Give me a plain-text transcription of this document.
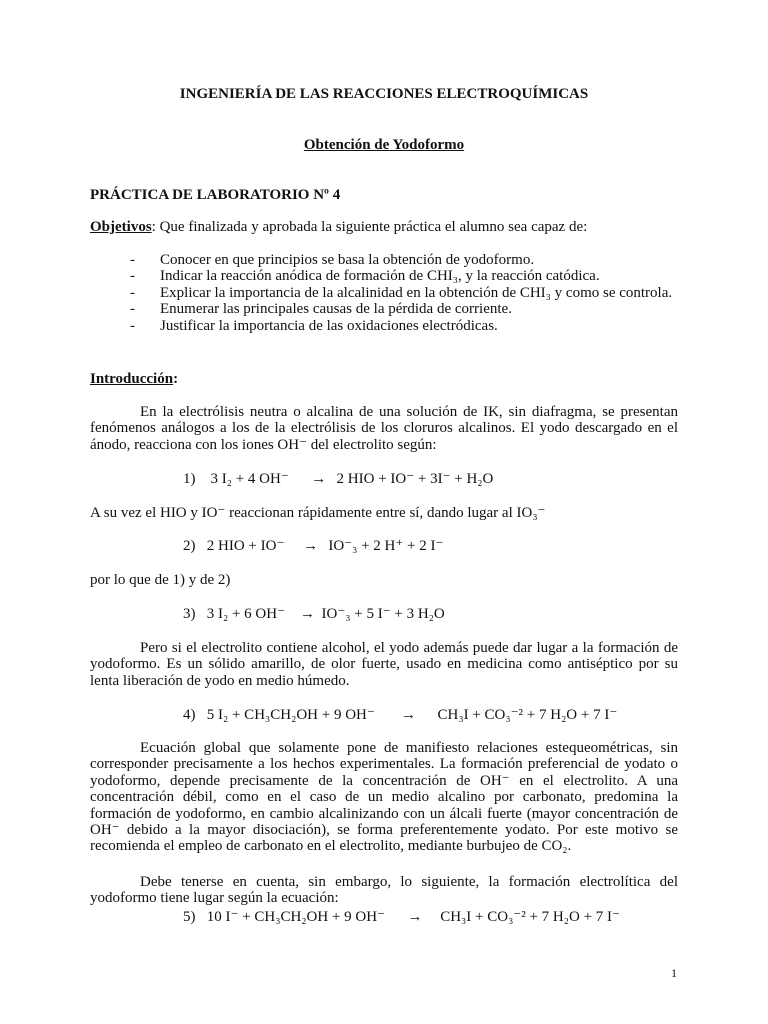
INGENIERÍA DE LAS REACCIONES ELECTROQUÍMICAS

Obtención de Yodoformo

PRÁCTICA DE LABORATORIO Nº 4

Objetivos: Que finalizada y aprobada la siguiente práctica el alumno sea capaz de:

- Conocer en que principios se basa la obtención de yodoformo.
- Indicar la reacción anódica de formación de CHI₃, y la reacción catódica.
- Explicar la importancia de la alcalinidad en la obtención de CHI₃ y como se controla.
- Enumerar las principales causas de la pérdida de corriente.
- Justificar la importancia de las oxidaciones electródicas.

Introducción:

En la electrólisis neutra o alcalina de una solución de IK, sin diafragma, se presentan fenómenos análogos a los de la electrólisis de los cloruros alcalinos. El yodo descargado en el ánodo, reacciona con los iones OH⁻ del electrolito según:

1) 3 I₂ + 4 OH⁻ → 2 HIO + IO⁻ + 3I⁻ + H₂O

A su vez el HIO y IO⁻ reaccionan rápidamente entre sí, dando lugar al IO₃⁻

2) 2 HIO + IO⁻ → IO⁻₃ + 2 H⁺ + 2 I⁻

por lo que de 1) y de 2)

3) 3 I₂ + 6 OH⁻ → IO⁻₃ + 5 I⁻ + 3 H₂O

Pero si el electrolito contiene alcohol, el yodo además puede dar lugar a la formación de yodoformo. Es un sólido amarillo, de olor fuerte, usado en medicina como antiséptico por su lenta liberación de yodo en medio húmedo.

4) 5 I₂ + CH₃CH₂OH + 9 OH⁻ → CH₃I + CO₃⁻² + 7 H₂O + 7 I⁻

Ecuación global que solamente pone de manifiesto relaciones estequeométricas, sin corresponder precisamente a los hechos experimentales. La formación preferencial de yodato o yodoformo, depende precisamente de la concentración de OH⁻ en el electrolito. A una concentración débil, como en el caso de un medio alcalino por carbonato, predomina la formación de yodoformo, en cambio alcalinizando con un álcali fuerte (mayor concentración de OH⁻ debido a la mayor disociación), se forma preferentemente yodato. Por este motivo se recomienda el empleo de carbonato en el electrolito, mediante burbujeo de CO₂.

Debe tenerse en cuenta, sin embargo, lo siguiente, la formación electrolítica del yodoformo tiene lugar según la ecuación:

5) 10 I⁻ + CH₃CH₂OH + 9 OH⁻ → CH₃I + CO₃⁻² + 7 H₂O + 7 I⁻

1
